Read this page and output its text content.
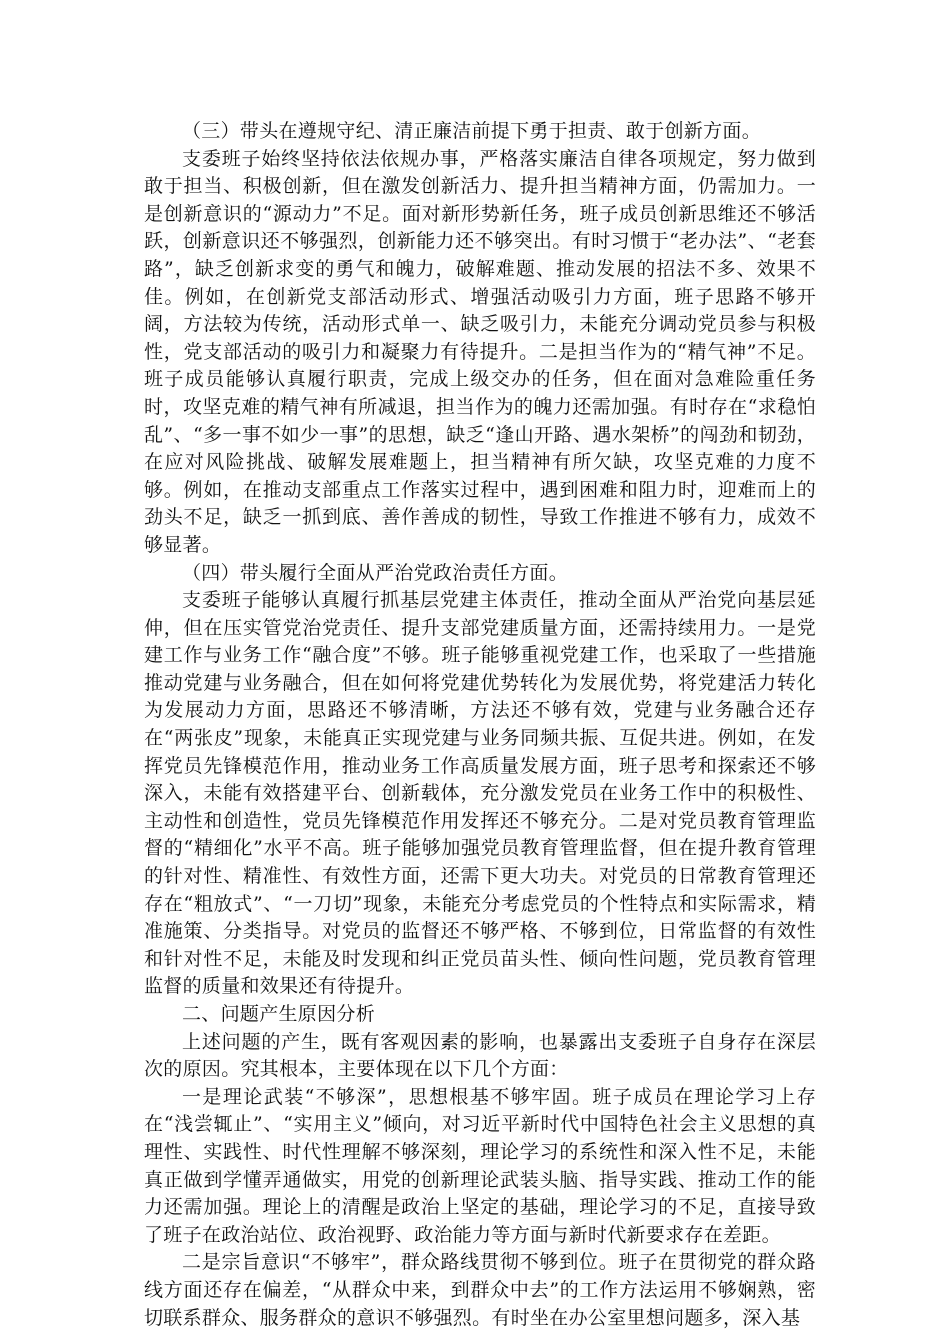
（三）带头在遵规守纪、清正廉洁前提下勇于担责、敢于创新方面。

支委班子始终坚持依法依规办事，严格落实廉洁自律各项规定，努力做到敢于担当、积极创新，但在激发创新活力、提升担当精神方面，仍需加力。一是创新意识的“源动力”不足。面对新形势新任务，班子成员创新思维还不够活跃，创新意识还不够强烈，创新能力还不够突出。有时习惯于“老办法”、“老套路”，缺乏创新求变的勇气和魄力，破解难题、推动发展的招法不多、效果不佳。例如，在创新党支部活动形式、增强活动吸引力方面，班子思路不够开阔，方法较为传统，活动形式单一、缺乏吸引力，未能充分调动党员参与积极性，党支部活动的吸引力和凝聚力有待提升。二是担当作为的“精气神”不足。班子成员能够认真履行职责，完成上级交办的任务，但在面对急难险重任务时，攻坚克难的精气神有所减退，担当作为的魄力还需加强。有时存在“求稳怕乱”、“多一事不如少一事”的思想，缺乏“逢山开路、遇水架桥”的闯劲和韧劲，在应对风险挑战、破解发展难题上，担当精神有所欠缺，攻坚克难的力度不够。例如，在推动支部重点工作落实过程中，遇到困难和阻力时，迎难而上的劲头不足，缺乏一抓到底、善作善成的韧性，导致工作推进不够有力，成效不够显著。

（四）带头履行全面从严治党政治责任方面。

支委班子能够认真履行抓基层党建主体责任，推动全面从严治党向基层延伸，但在压实管党治党责任、提升支部党建质量方面，还需持续用力。一是党建工作与业务工作“融合度”不够。班子能够重视党建工作，也采取了一些措施推动党建与业务融合，但在如何将党建优势转化为发展优势，将党建活力转化为发展动力方面，思路还不够清晰，方法还不够有效，党建与业务融合还存在“两张皮”现象，未能真正实现党建与业务同频共振、互促共进。例如，在发挥党员先锋模范作用，推动业务工作高质量发展方面，班子思考和探索还不够深入，未能有效搭建平台、创新载体，充分激发党员在业务工作中的积极性、主动性和创造性，党员先锋模范作用发挥还不够充分。二是对党员教育管理监督的“精细化”水平不高。班子能够加强党员教育管理监督，但在提升教育管理的针对性、精准性、有效性方面，还需下更大功夫。对党员的日常教育管理还存在“粗放式”、“一刀切”现象，未能充分考虑党员的个性特点和实际需求，精准施策、分类指导。对党员的监督还不够严格、不够到位，日常监督的有效性和针对性不足，未能及时发现和纠正党员苗头性、倾向性问题，党员教育管理监督的质量和效果还有待提升。

二、问题产生原因分析

上述问题的产生，既有客观因素的影响，也暴露出支委班子自身存在深层次的原因。究其根本，主要体现在以下几个方面：

一是理论武装“不够深”，思想根基不够牢固。班子成员在理论学习上存在“浅尝辄止”、“实用主义”倾向，对习近平新时代中国特色社会主义思想的真理性、实践性、时代性理解不够深刻，理论学习的系统性和深入性不足，未能真正做到学懂弄通做实，用党的创新理论武装头脑、指导实践、推动工作的能力还需加强。理论上的清醒是政治上坚定的基础，理论学习的不足，直接导致了班子在政治站位、政治视野、政治能力等方面与新时代新要求存在差距。

二是宗旨意识“不够牢”，群众路线贯彻不够到位。班子在贯彻党的群众路线方面还存在偏差，“从群众中来，到群众中去”的工作方法运用不够娴熟，密切联系群众、服务群众的意识不够强烈。有时坐在办公室里想问题多，深入基
